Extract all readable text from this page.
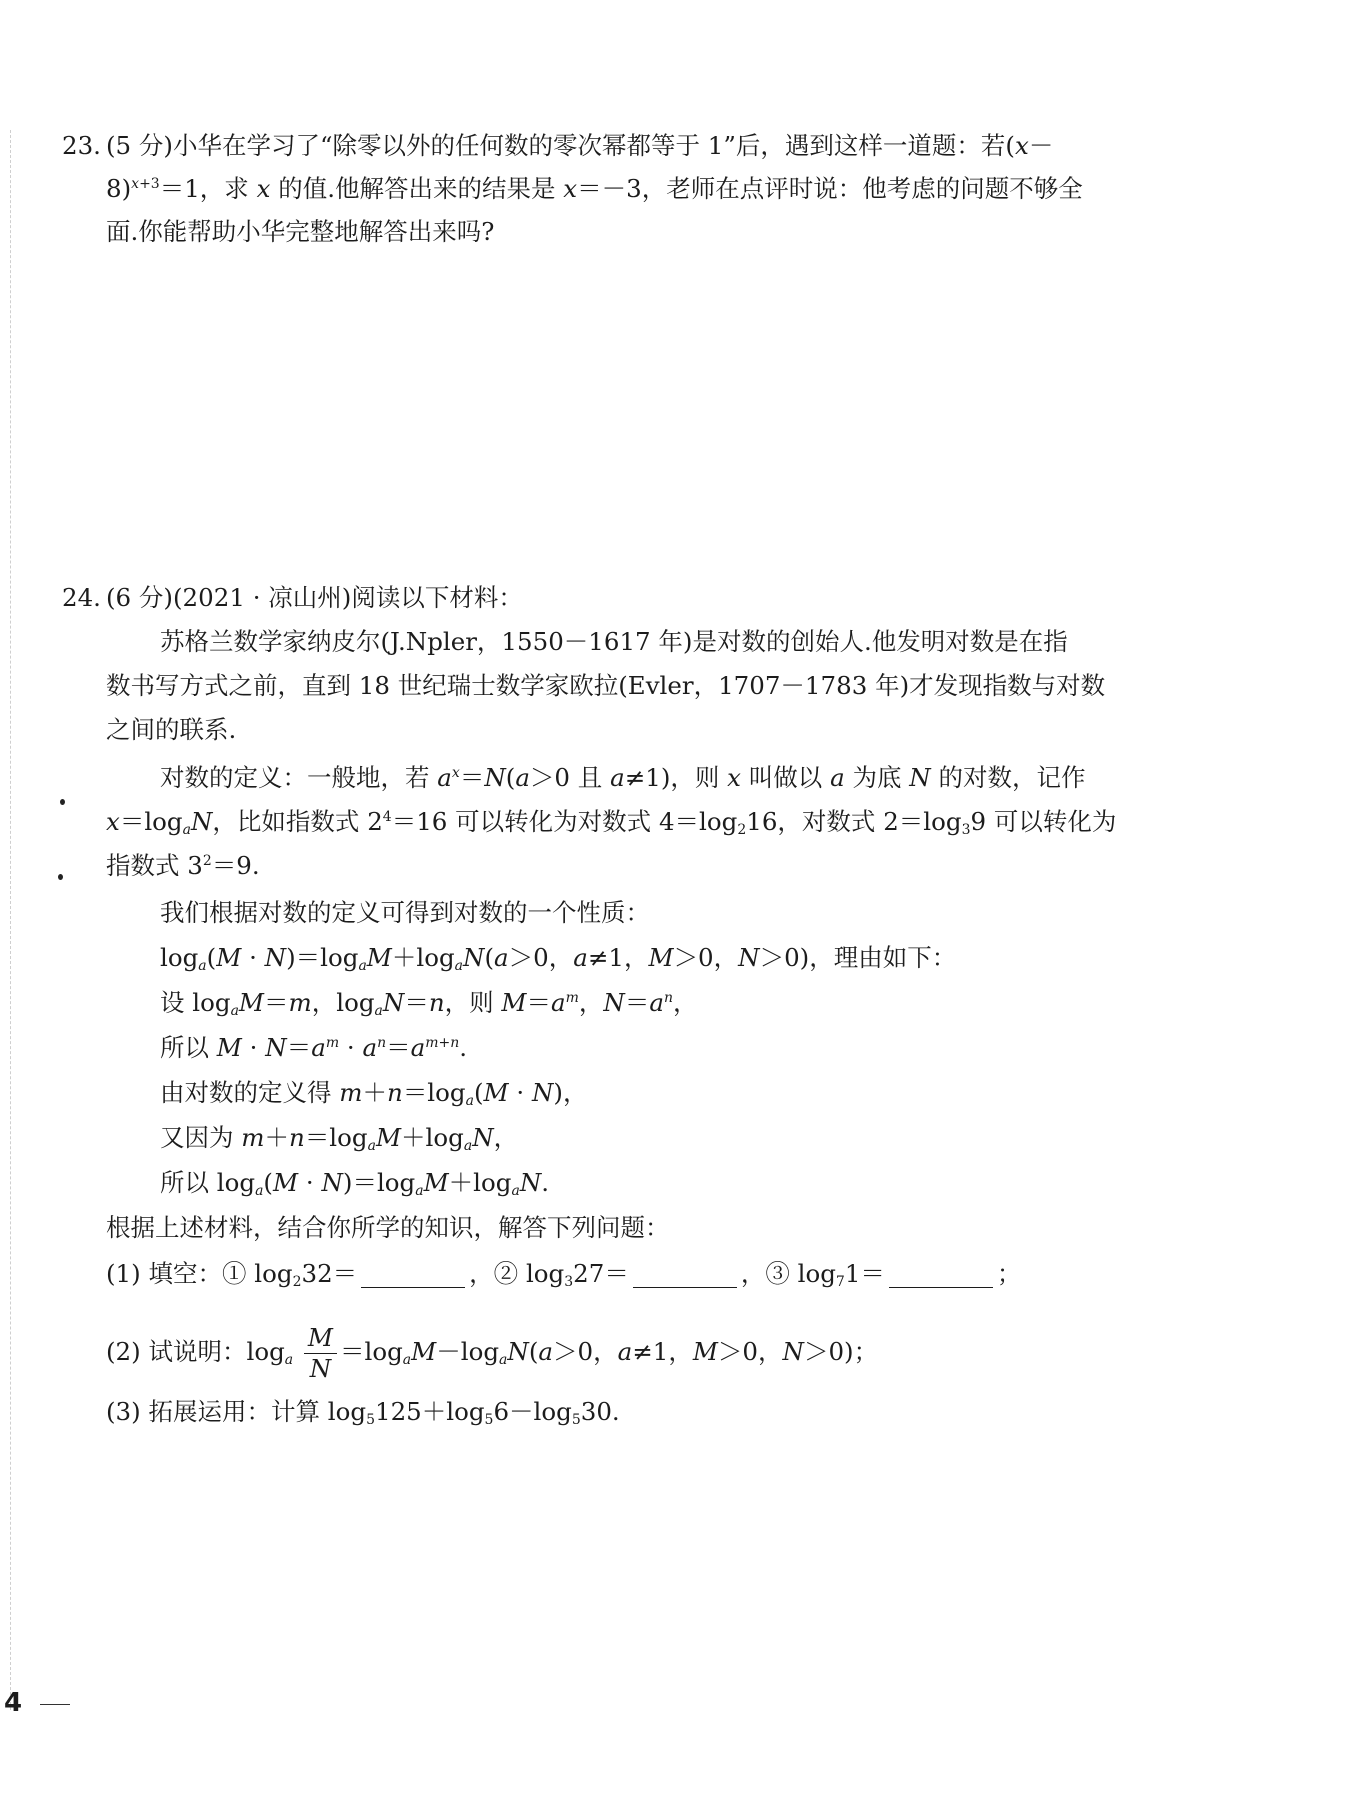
23. (5 分)小华在学习了“除零以外的任何数的零次幂都等于 1”后，遇到这样一道题：若(x－
8)$^{x+3}$＝1，求 x 的值.他解答出来的结果是 x＝－3，老师在点评时说：他考虑的问题不够全
面.你能帮助小华完整地解答出来吗?
24. (6 分)(2021 · 凉山州)阅读以下材料：
苏格兰数学家纳皮尔(J.Npler，1550－1617 年)是对数的创始人.他发明对数是在指
数书写方式之前，直到 18 世纪瑞士数学家欧拉(Evler，1707－1783 年)才发现指数与对数
之间的联系.
对数的定义：一般地，若 $a^x=N(a>0$ 且 a≠1)，则 x 叫做以 a 为底 N 的对数，记作
$x=\log_aN$，比如指数式 $2^4=16$ 可以转化为对数式 $4=\log_216$，对数式 $2=\log_39$ 可以转化为
指数式 $3^2=9$.
我们根据对数的定义可得到对数的一个性质：
$\log_a(M \cdot N)=\log_aM+\log_aN(a>0$，a≠1，M＞0，N＞0)，理由如下：
设 $\log_aM=m$，$\log_aN=n$，则 $M=a^m$，$N=a^n$，
所以 $M \cdot N=a^m \cdot a^n=a^{m+n}$.
由对数的定义得 $m+n=\log_a(M \cdot N)$，
又因为 $m+n=\log_aM+\log_aN$，
所以 $\log_a(M \cdot N)=\log_aM+\log_aN$.
根据上述材料，结合你所学的知识，解答下列问题：
(1) 填空：① $\log_232=$	，② $\log_327=$	，③ $\log_71=$	；
(2) 试说明：$\log_a \frac{M}{N} =\log_aM-\log_aN(a>0$，a≠1，M＞0，N＞0)；
(3) 拓展运用：计算 $\log_5125+\log_56-\log_530$.
4
